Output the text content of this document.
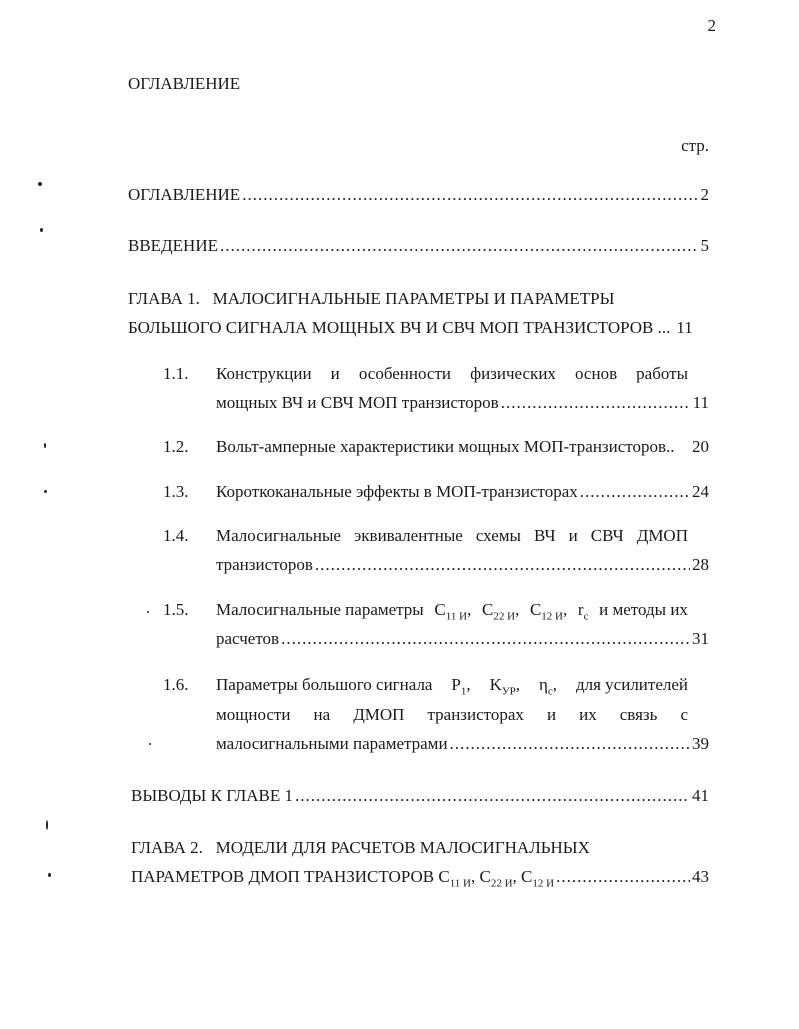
2
ОГЛАВЛЕНИЕ
стр.
ОГЛАВЛЕНИЕ .....	2
ВВЕДЕНИЕ .....	5
ГЛАВА 1.   МАЛОСИГНАЛЬНЫЕ ПАРАМЕТРЫ И ПАРАМЕТРЫ
БОЛЬШОГО СИГНАЛА МОЩНЫХ ВЧ И СВЧ МОП ТРАНЗИСТОРОВ ... 11
1.1. Конструкции и особенности физических основ работы
мощных ВЧ и СВЧ МОП транзисторов .....	11
1.2. Вольт-амперные характеристики мощных МОП-транзисторов.. 20
1.3. Короткоканальные эффекты в МОП-транзисторах .....	24
1.4. Малосигнальные эквивалентные схемы ВЧ и СВЧ ДМОП
транзисторов .....	28
1.5. Малосигнальные параметры $C_{11 И}$, $C_{22 И}$, $C_{12 И}$, $r_c$ и методы их
расчетов .....	31
1.6. Параметры большого сигнала $P_1$, $K_{УР}$, $\eta_c$, для усилителей
мощности на ДМОП транзисторах и их связь с
малосигнальными параметрами .....	39
ВЫВОДЫ К ГЛАВЕ 1 .....	41
ГЛАВА 2.   МОДЕЛИ ДЛЯ РАСЧЕТОВ МАЛОСИГНАЛЬНЫХ
ПАРАМЕТРОВ ДМОП ТРАНЗИСТОРОВ $C_{11 И}$, $C_{22 И}$, $C_{12 И}$ .....	43
